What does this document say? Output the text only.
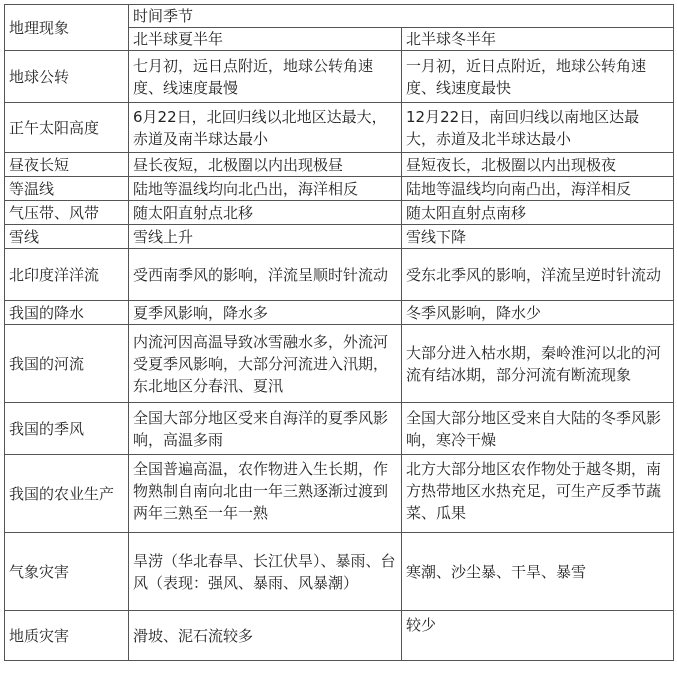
地理现象	时间季节	
	北半球夏半年	北半球冬半年
地球公转	七月初，远日点附近，地球公转角速度、线速度最慢	一月初，近日点附近，地球公转角速度、线速度最快
正午太阳高度	6月22日，北回归线以北地区达最大，赤道及南半球达最小	12月22日，南回归线以南地区达最大，赤道及北半球达最小
昼夜长短	昼长夜短，北极圈以内出现极昼	昼短夜长，北极圈以内出现极夜
等温线	陆地等温线均向北凸出，海洋相反	陆地等温线均向南凸出，海洋相反
气压带、风带	随太阳直射点北移	随太阳直射点南移
雪线	雪线上升	雪线下降
北印度洋洋流	受西南季风的影响，洋流呈顺时针流动	受东北季风的影响，洋流呈逆时针流动
我国的降水	夏季风影响，降水多	冬季风影响，降水少
我国的河流	内流河因高温导致冰雪融水多，外流河受夏季风影响，大部分河流进入汛期，东北地区分春汛、夏汛	大部分进入枯水期，秦岭淮河以北的河流有结冰期，部分河流有断流现象
我国的季风	全国大部分地区受来自海洋的夏季风影响，高温多雨	全国大部分地区受来自大陆的冬季风影响，寒冷干燥
我国的农业生产	全国普遍高温，农作物进入生长期，作物熟制自南向北由一年三熟逐渐过渡到两年三熟至一年一熟	北方大部分地区农作物处于越冬期，南方热带地区水热充足，可生产反季节蔬菜、瓜果
气象灾害	旱涝（华北春旱、长江伏旱）、暴雨、台风（表现：强风、暴雨、风暴潮）	寒潮、沙尘暴、干旱、暴雪
地质灾害	滑坡、泥石流较多	较少
